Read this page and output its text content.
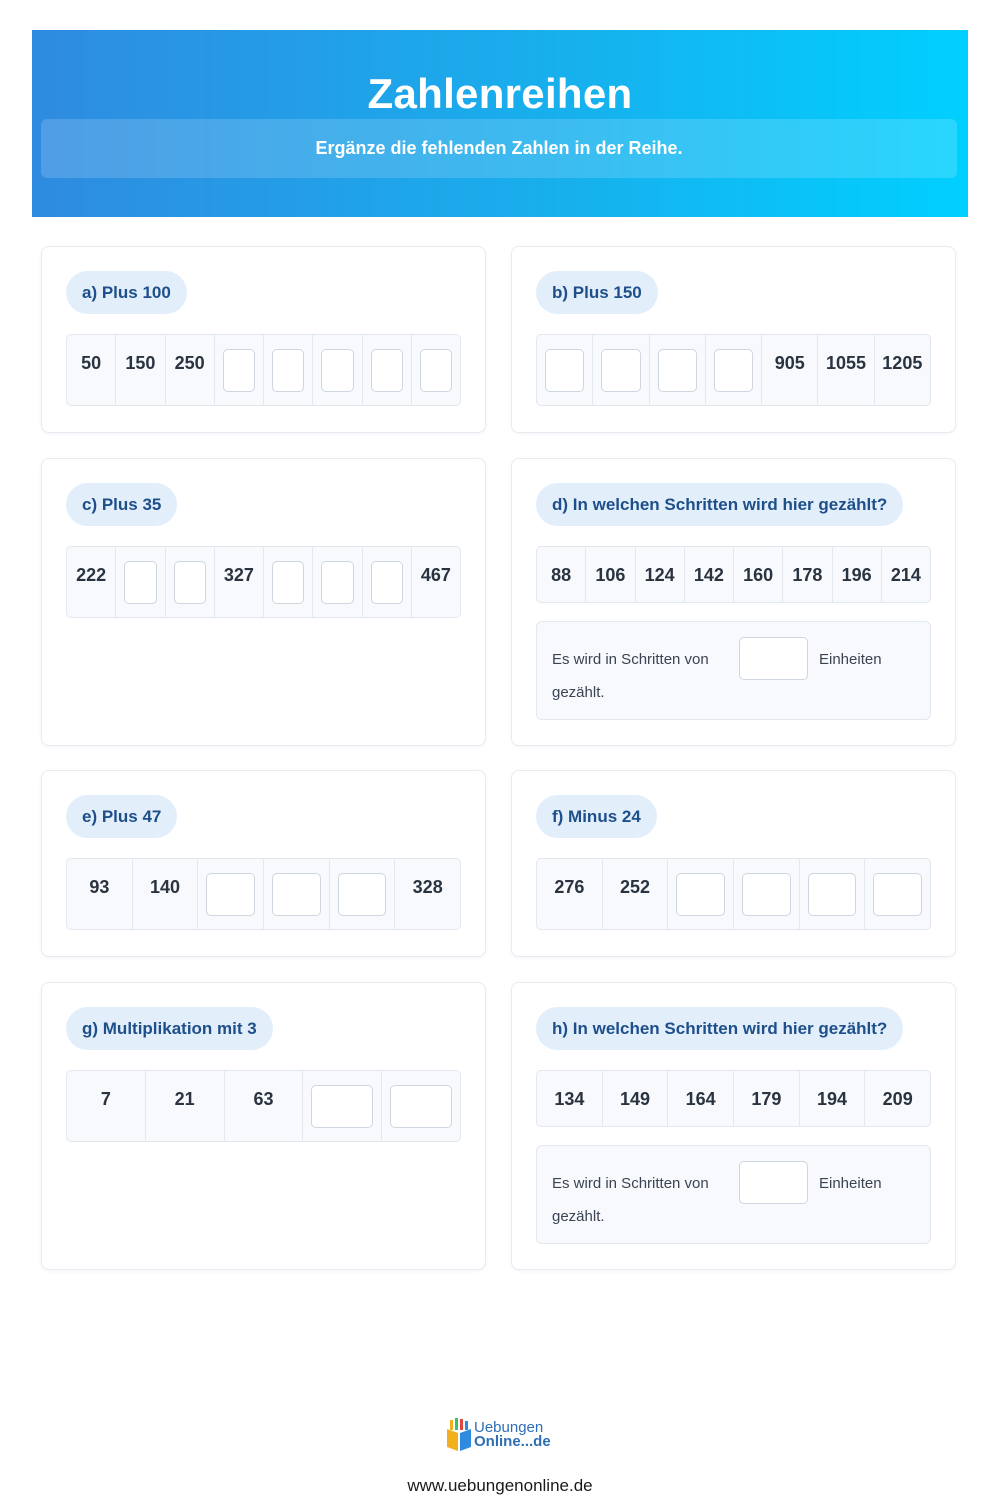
Zahlenreihen
Ergänze die fehlenden Zahlen in der Reihe.
a) Plus 100
50	150	250
b) Plus 150
905	1055 1205
c) Plus 35
222	327	467
d) In welchen Schritten wird hier gezählt?
88	106	124	142	160	178	196	214
Es wird in Schritten von	Einheiten
gezählt.
e) Plus 47
93	140	328
f) Minus 24
276	252
g) Multiplikation mit 3
7	21	63
h) In welchen Schritten wird hier gezählt?
134	149	164	179	194	209
Es wird in Schritten von	Einheiten
gezählt.
Uebungen
Online...de
www.uebungenonline.de
